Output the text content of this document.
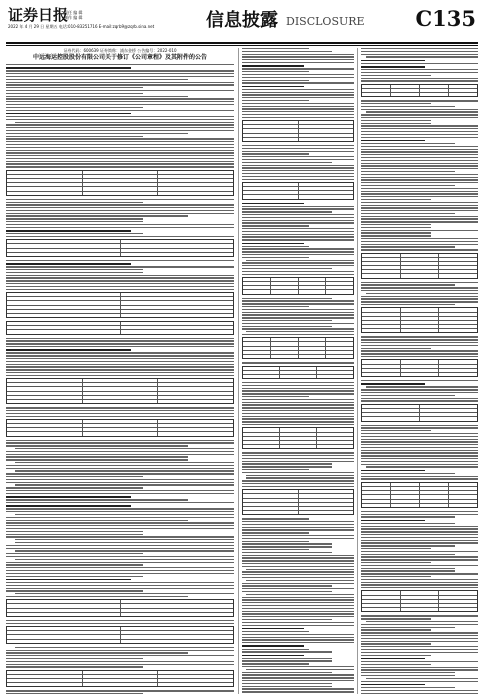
证券日报
责任 编 辑
制作 编 辑
2022 年 4 月 29 日 星期五 电话:010-83251716 E-mail:zqrb9@zqrb.sina.net	信息披露 DISCLOSURE C135
证券代码：600639 证券简称：浦东金桥 公告编号：2022-010
中远海运控股股份有限公司关于修订《公司章程》及其附件的公告
